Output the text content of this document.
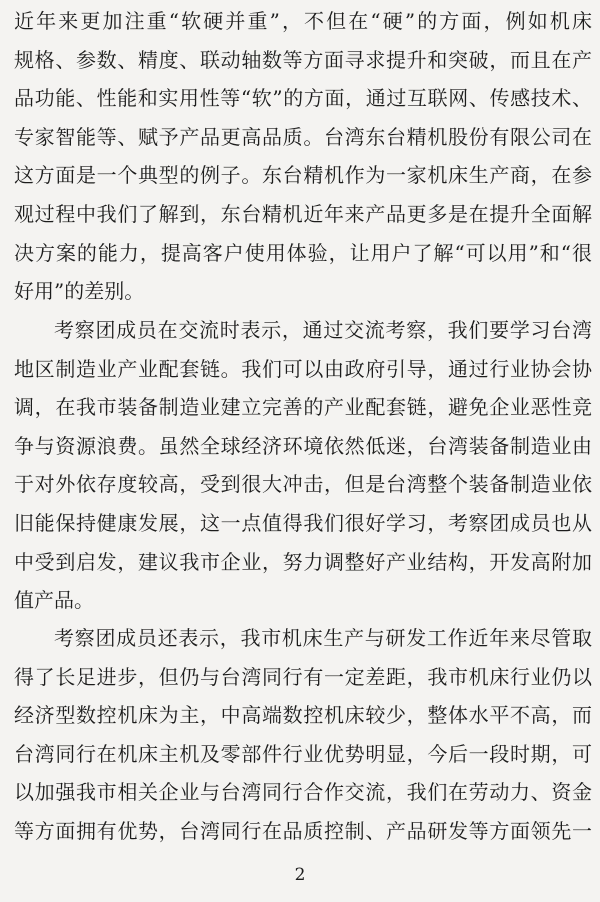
近年来更加注重“软硬并重”，不但在“硬”的方面，例如机床
规格、参数、精度、联动轴数等方面寻求提升和突破，而且在产
品功能、性能和实用性等“软”的方面，通过互联网、传感技术、
专家智能等、赋予产品更高品质。台湾东台精机股份有限公司在
这方面是一个典型的例子。东台精机作为一家机床生产商，在参
观过程中我们了解到，东台精机近年来产品更多是在提升全面解
决方案的能力，提高客户使用体验，让用户了解“可以用”和“很
好用”的差别。
考察团成员在交流时表示，通过交流考察，我们要学习台湾
地区制造业产业配套链。我们可以由政府引导，通过行业协会协
调，在我市装备制造业建立完善的产业配套链，避免企业恶性竞
争与资源浪费。虽然全球经济环境依然低迷，台湾装备制造业由
于对外依存度较高，受到很大冲击，但是台湾整个装备制造业依
旧能保持健康发展，这一点值得我们很好学习，考察团成员也从
中受到启发，建议我市企业，努力调整好产业结构，开发高附加
值产品。
考察团成员还表示，我市机床生产与研发工作近年来尽管取
得了长足进步，但仍与台湾同行有一定差距，我市机床行业仍以
经济型数控机床为主，中高端数控机床较少，整体水平不高，而
台湾同行在机床主机及零部件行业优势明显，今后一段时期，可
以加强我市相关企业与台湾同行合作交流，我们在劳动力、资金
等方面拥有优势，台湾同行在品质控制、产品研发等方面领先一
2
